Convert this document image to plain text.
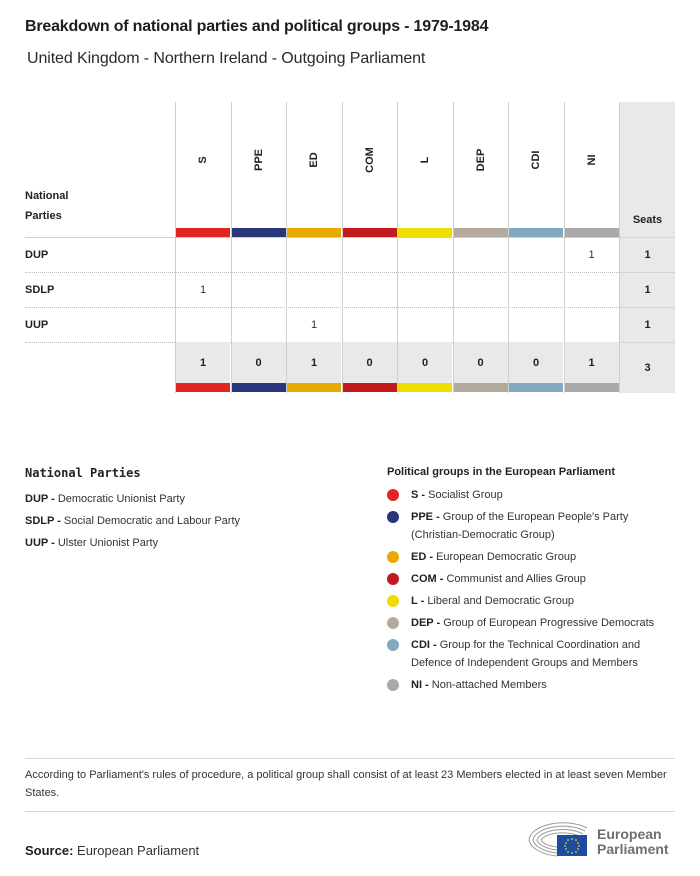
Breakdown of national parties and political groups - 1979-1984
United Kingdom - Northern Ireland - Outgoing Parliament
National
Parties
DUP
SDLP
UUP
S
1
1
PPE
0
ED
1
1
COM
0
L
0
DEP
0
CDI
0
NI
1
1
Seats
1
1
1
3
National Parties
DUP - Democratic Unionist Party
SDLP - Social Democratic and Labour Party
UUP - Ulster Unionist Party
Political groups in the European Parliament
S - Socialist Group
PPE - Group of the European People's Party (Christian-Democratic Group)
ED - European Democratic Group
COM - Communist and Allies Group
L - Liberal and Democratic Group
DEP - Group of European Progressive Democrats
CDI - Group for the Technical Coordination and Defence of Independent Groups and Members
NI - Non-attached Members
According to Parliament's rules of procedure, a political group shall consist of at least 23 Members elected in at least seven Member States.
Source: European Parliament
European
Parliament
